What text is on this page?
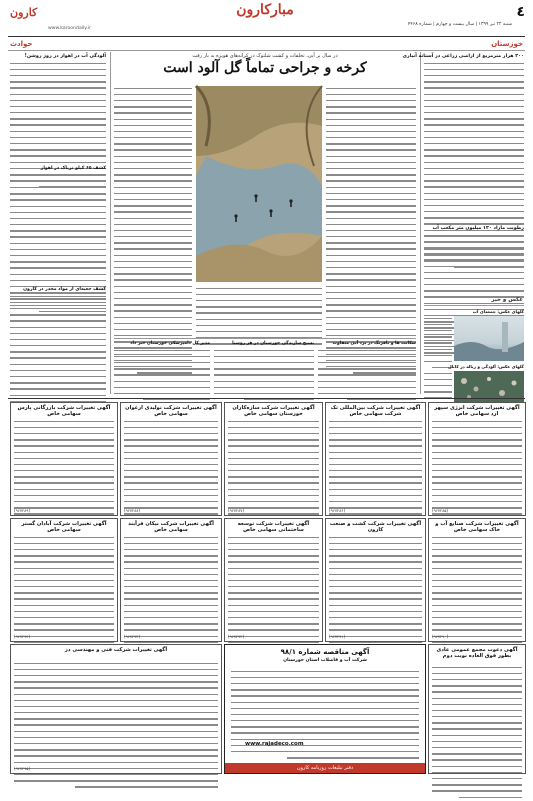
٤
مبارکارون
شنبه ۲۲ تیر ۱۳۹۹ | سال بیست و چهارم | شماره ۴۴۶۸
کارون
www.karoondaily.ir
خوزستان
حوادث
۲۰۰ هزار مترمربع از اراضی زراعی در آستانه آبیاری
رطوبت مازاد ۱۴۰ میلیون متر مکعب آب
عکس و خبر
گلهای عکس: جمعه‌ای آب
گلهای عکس: آلودگی و زباله در کانال
در سال پر آبی، تخلفات و کشت شلتوک در کرانه‌های هویزه به بار رفت
کرخه و جراحی تماماً گل آلود است
مدیر کل دامپزشکی خوزستان خبر داد	بسیج سازندگی خوزستان در هر روستا	سکانت ها و بافرنگ در برد آبی متفاوت
آلودگی آب در اهواز در روز روشن!
کشف ۶۵ کیلو تریاک در اهواز
کشف جعبه‌ای از مواد مخدر در کارون
آگهی تغییرات شرکت انرژی سپهر ارد سهامی خاص
(۹۶۷۲۸۵)
آگهی تغییرات شرکت بین‌المللی تک شرکت سهامی خاص
(۹۶۷۲۸۶)
آگهی تغییرات شرکت سازه‌کاران خوزستان سهامی خاص
(۹۶۷۲۸۷)
آگهی تغییرات شرکت تولیدی ارغوان سهامی خاص
(۹۶۷۲۸۸)
آگهی تغییرات شرکت بازرگانی پارس سهامی خاص
(۹۶۷۲۸۹)
آگهی تغییرات شرکت صنایع آب و خاک سهامی خاص
(۹۶۷۲۹۰)
آگهی تغییرات شرکت کشت و صنعت کارون
(۹۶۷۲۹۱)
آگهی تغییرات شرکت توسعه ساختمانی سهامی خاص
(۹۶۷۲۹۲)
آگهی تغییرات شرکت نیکان فرآیند سهامی خاص
(۹۶۷۲۹۳)
آگهی تغییرات شرکت آبادان گستر سهامی خاص
(۹۶۷۲۹۴)
آگهی دعوت مجمع عمومی عادی بطور فوق العاده نوبت دوم
آگهی مناقصه شماره ۹۸/۱
شرکت آب و فاضلاب استان خوزستان
www.rajadeco.com
دفتر تبلیغات روزنامه کارون
آگهی تغییرات شرکت فنی و مهندسی دز
(۹۶۷۲۹۵)
